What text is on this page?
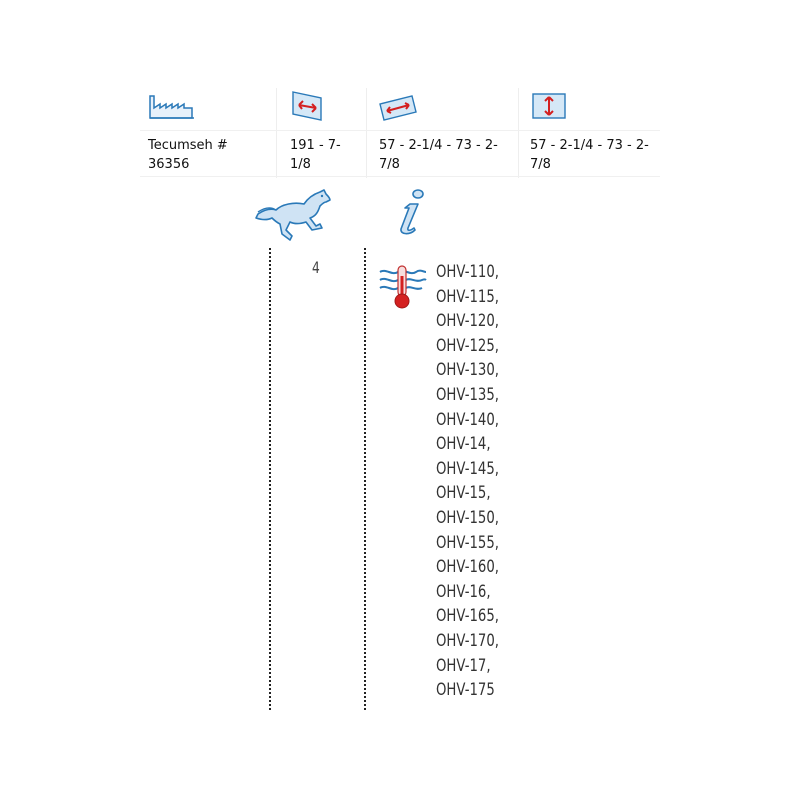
Tecumseh # 36356
191 - 7-1/8
57 - 2-1/4 - 73 - 2-7/8
57 - 2-1/4 - 73 - 2-7/8
4	OHV-110,
OHV-115,
OHV-120,
OHV-125,
OHV-130,
OHV-135,
OHV-140,
OHV-14,
OHV-145,
OHV-15,
OHV-150,
OHV-155,
OHV-160,
OHV-16,
OHV-165,
OHV-170,
OHV-17,
OHV-175
